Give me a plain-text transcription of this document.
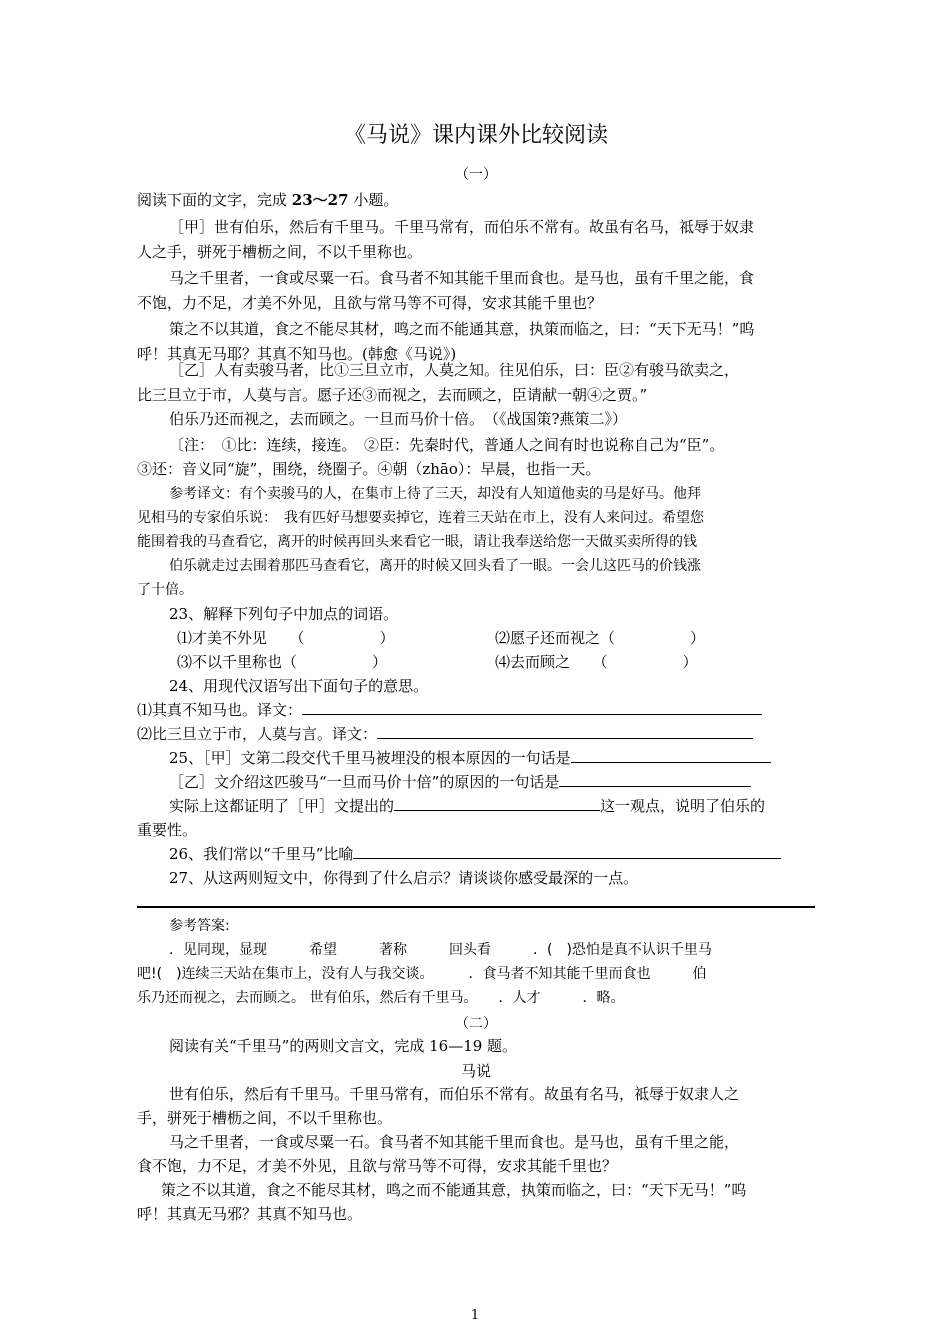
《马说》课内课外比较阅读
（一）
阅读下面的文字，完成 23～27 小题。
［甲］世有伯乐，然后有千里马。千里马常有，而伯乐不常有。故虽有名马，祗辱于奴隶
人之手，骈死于槽枥之间，不以千里称也。
马之千里者，一食或尽粟一石。食马者不知其能千里而食也。是马也，虽有千里之能，食
不饱，力不足，才美不外见，且欲与常马等不可得，安求其能千里也？
策之不以其道，食之不能尽其材，鸣之而不能通其意，执策而临之，曰：“天下无马！”呜
呼！其真无马耶？其真不知马也。(韩愈《马说》)
［乙］人有卖骏马者，比①三旦立市，人莫之知。往见伯乐，曰：臣②有骏马欲卖之，
比三旦立于市，人莫与言。愿子还③而视之，去而顾之，臣请献一朝④之贾。”
伯乐乃还而视之，去而顾之。一旦而马价十倍。　（《战国策?燕策二》）
〔注：　①比：连续，接连。　②臣：先秦时代，普通人之间有时也说称自己为“臣”。
③还：音义同“旋”，围绕，绕圈子。④朝（zhāo）：早晨，也指一天。
参考译文：有个卖骏马的人，在集市上待了三天，却没有人知道他卖的马是好马。他拜
见相马的专家伯乐说：　我有匹好马想要卖掉它，连着三天站在市上，没有人来问过。希望您
能围着我的马查看它，离开的时候再回头来看它一眼，请让我奉送给您一天做买卖所得的钱
伯乐就走过去围着那匹马查看它，离开的时候又回头看了一眼。一会儿这匹马的价钱涨
了十倍。
23、解释下列句子中加点的词语。
⑴才美不外见　　（　　　　　）	⑵愿子还而视之（　　　　　）
⑶不以千里称也（　　　　　）	⑷去而顾之　　（　　　　　）
24、用现代汉语写出下面句子的意思。
⑴其真不知马也。译文：
⑵比三旦立于市，人莫与言。译文：
25、［甲］文第二段交代千里马被埋没的根本原因的一句话是
［乙］文介绍这匹骏马“一旦而马价十倍”的原因的一句话是
实际上这都证明了［甲］文提出的	这一观点，说明了伯乐的
重要性。
26、我们常以“千里马”比喻
27、从这两则短文中，你得到了什么启示？请谈谈你感受最深的一点。
参考答案:
．见同现，显现　　　希望　　　著称　　　回头看　　　．(　)恐怕是真不认识千里马
吧!(　)连续三天站在集市上，没有人与我交谈。　　　．食马者不知其能千里而食也　　　伯
乐乃还而视之，去而顾之。 世有伯乐，然后有千里马。　　．人才　　　．略。
（二）
阅读有关“千里马”的两则文言文，完成 16—19 题。
马说
世有伯乐，然后有千里马。千里马常有，而伯乐不常有。故虽有名马，祗辱于奴隶人之
手，骈死于槽枥之间，不以千里称也。
马之千里者，一食或尽粟一石。食马者不知其能千里而食也。是马也，虽有千里之能，
食不饱，力不足，才美不外见，且欲与常马等不可得，安求其能千里也？
策之不以其道，食之不能尽其材，鸣之而不能通其意，执策而临之，曰：“天下无马！”呜
呼！其真无马邪？其真不知马也。
1
